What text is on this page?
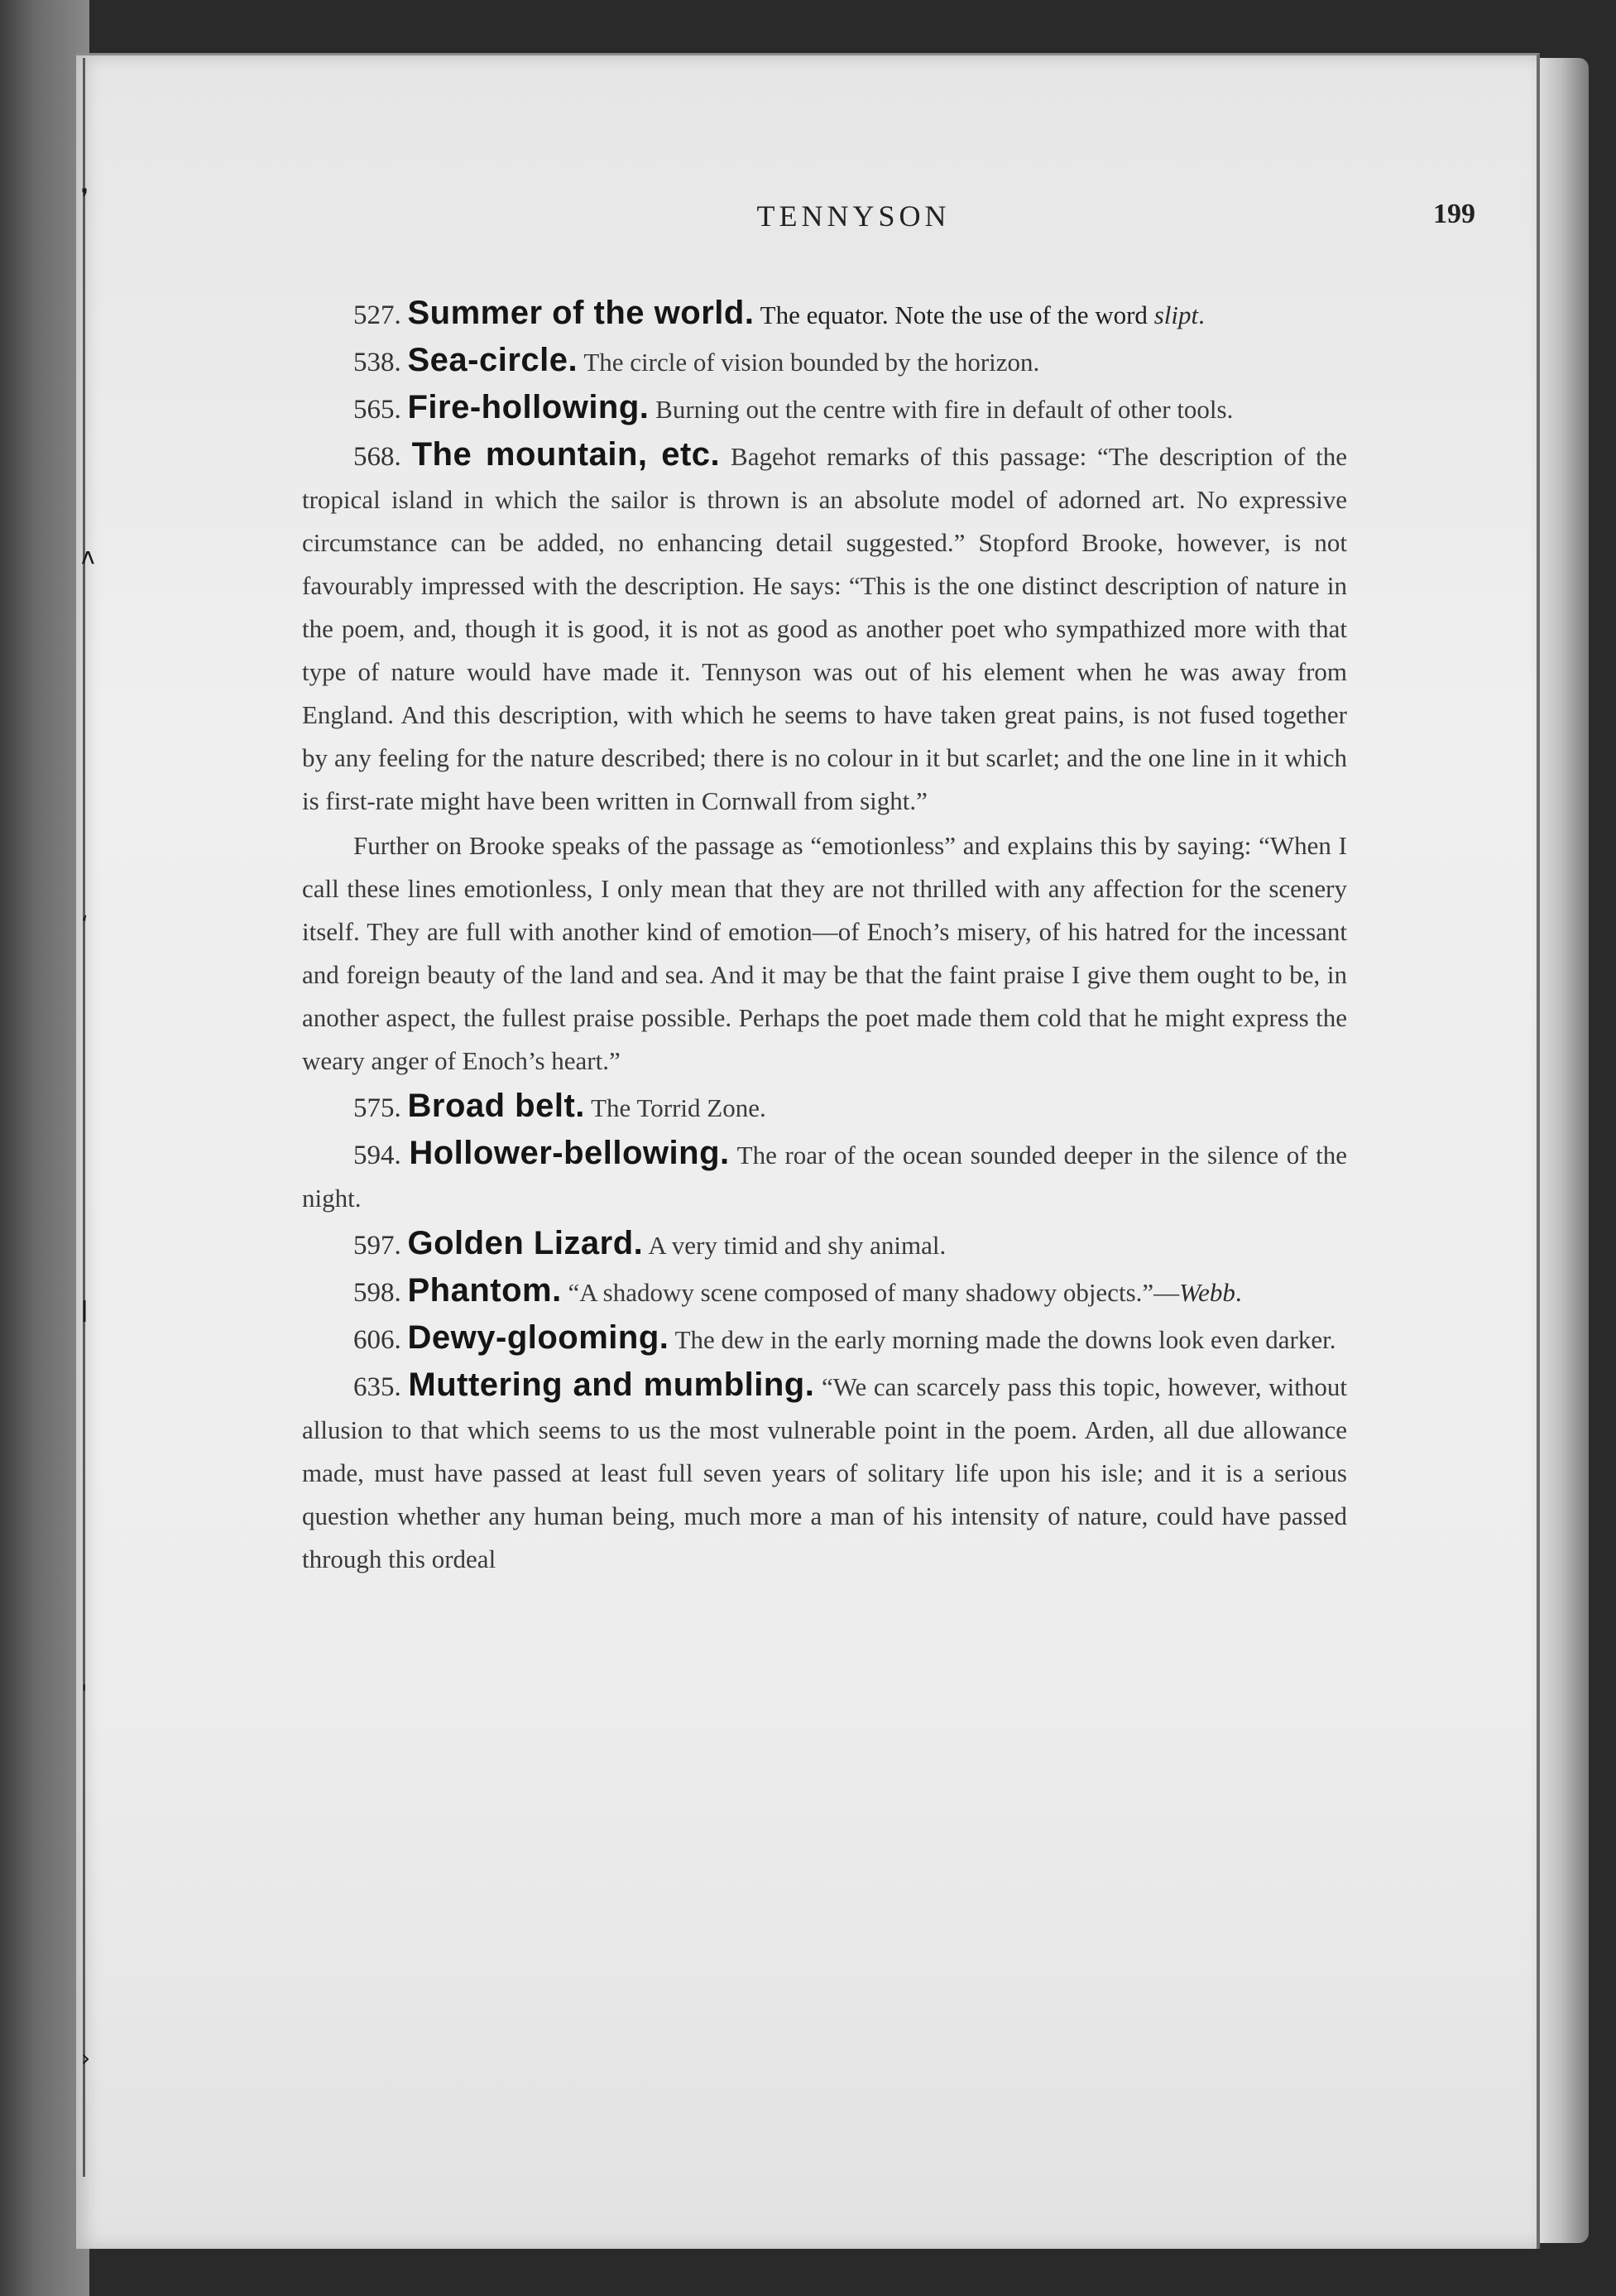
❜
ʌ
ʻ
ǀ
ˈ
›
TENNYSON	199

527. Summer of the world. The equator. Note the use of the word slipt.

538. Sea-circle. The circle of vision bounded by the horizon.

565. Fire-hollowing. Burning out the centre with fire in default of other tools.

568. The mountain, etc. Bagehot remarks of this passage: “The description of the tropical island in which the sailor is thrown is an absolute model of adorned art. No expressive circumstance can be added, no enhancing detail suggested.” Stopford Brooke, however, is not favourably impressed with the description. He says: “This is the one distinct description of nature in the poem, and, though it is good, it is not as good as another poet who sympathized more with that type of nature would have made it. Tennyson was out of his element when he was away from England. And this description, with which he seems to have taken great pains, is not fused together by any feeling for the nature described; there is no colour in it but scarlet; and the one line in it which is first-rate might have been written in Cornwall from sight.”

Further on Brooke speaks of the passage as “emotionless” and explains this by saying: “When I call these lines emotionless, I only mean that they are not thrilled with any affection for the scenery itself. They are full with another kind of emotion—of Enoch’s misery, of his hatred for the incessant and foreign beauty of the land and sea. And it may be that the faint praise I give them ought to be, in another aspect, the fullest praise possible. Perhaps the poet made them cold that he might express the weary anger of Enoch’s heart.”

575. Broad belt. The Torrid Zone.

594. Hollower-bellowing. The roar of the ocean sounded deeper in the silence of the night.

597. Golden Lizard. A very timid and shy animal.

598. Phantom. “A shadowy scene composed of many shadowy objects.”—Webb.

606. Dewy-glooming. The dew in the early morning made the downs look even darker.

635. Muttering and mumbling. “We can scarcely pass this topic, however, without allusion to that which seems to us the most vulnerable point in the poem. Arden, all due allowance made, must have passed at least full seven years of solitary life upon his isle; and it is a serious question whether any human being, much more a man of his intensity of nature, could have passed through this ordeal
